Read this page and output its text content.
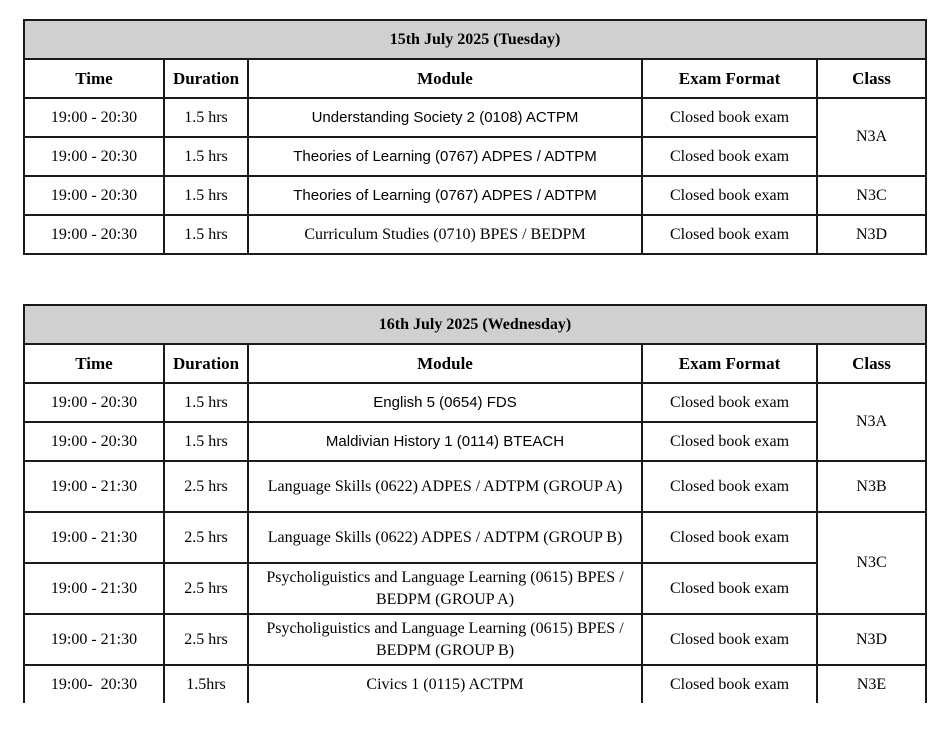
15th July 2025 (Tuesday)				
Time	Duration	Module	Exam Format	Class
19:00 - 20:30	1.5 hrs	Understanding Society 2 (0108) ACTPM	Closed book exam	N3A
19:00 - 20:30	1.5 hrs	Theories of Learning (0767) ADPES / ADTPM	Closed book exam	
19:00 - 20:30	1.5 hrs	Theories of Learning (0767) ADPES / ADTPM	Closed book exam	N3C
19:00 - 20:30	1.5 hrs	Curriculum Studies (0710) BPES / BEDPM	Closed book exam	N3D
16th July 2025 (Wednesday)				
Time	Duration	Module	Exam Format	Class
19:00 - 20:30	1.5 hrs	English 5 (0654) FDS	Closed book exam	N3A
19:00 - 20:30	1.5 hrs	Maldivian History 1 (0114) BTEACH	Closed book exam	
19:00 - 21:30	2.5 hrs	Language Skills (0622) ADPES / ADTPM (GROUP A)	Closed book exam	N3B
19:00 - 21:30	2.5 hrs	Language Skills (0622) ADPES / ADTPM (GROUP B)	Closed book exam	N3C
19:00 - 21:30	2.5 hrs	Psycholiguistics and Language Learning (0615) BPES / BEDPM (GROUP A)	Closed book exam	
19:00 - 21:30	2.5 hrs	Psycholiguistics and Language Learning (0615) BPES / BEDPM (GROUP B)	Closed book exam	N3D
19:00-  20:30	1.5hrs	Civics 1 (0115) ACTPM	Closed book exam	N3E
